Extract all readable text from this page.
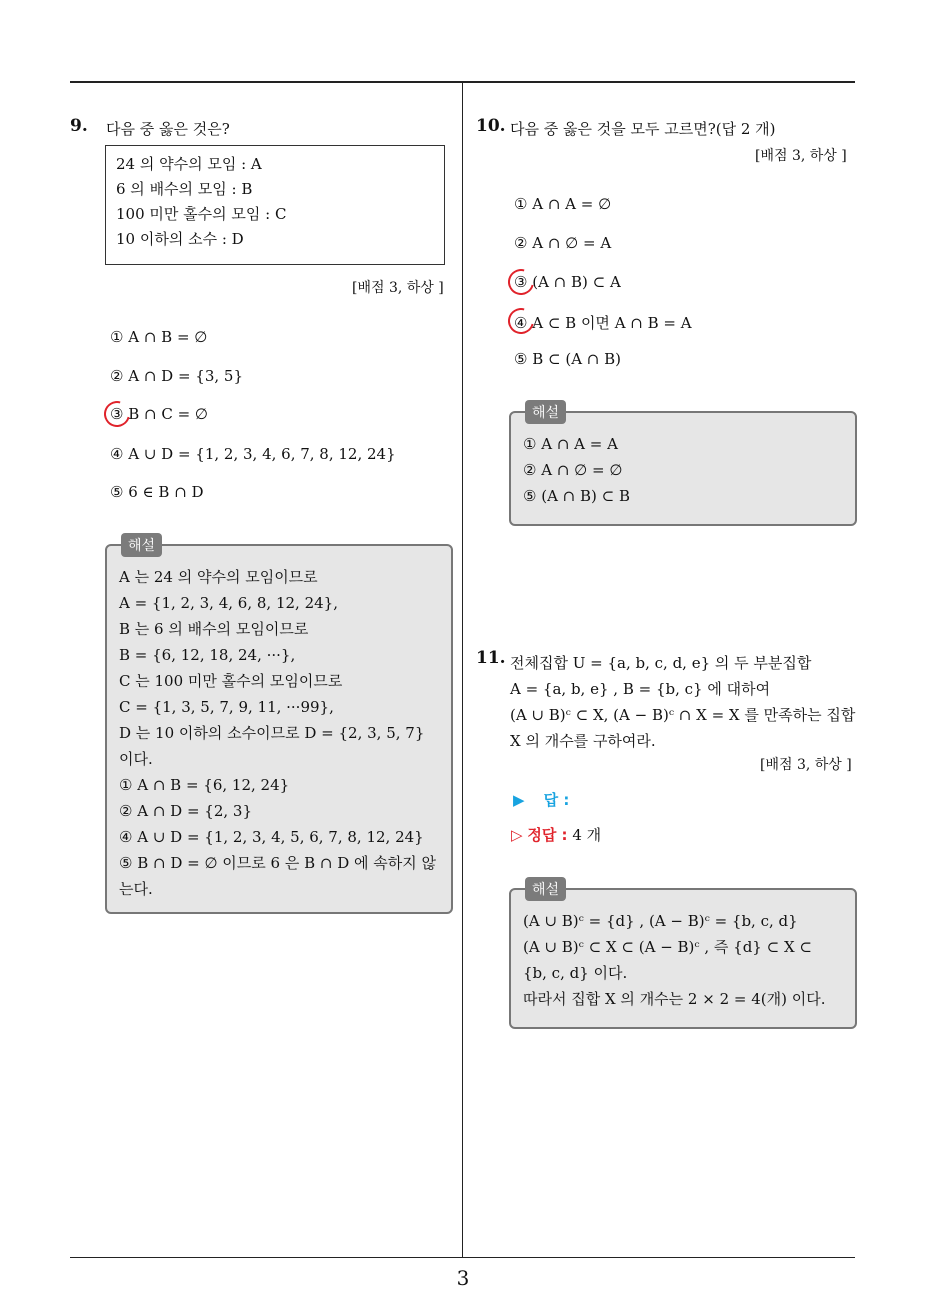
9. 다음 중 옳은 것은?
24 의 약수의 모임 : A
6 의 배수의 모임 : B
100 미만 홀수의 모임 : C
10 이하의 소수 : D
[배점 3, 하상 ]
① A ∩ B = ∅
② A ∩ D = {3, 5}
③ B ∩ C = ∅
④ A ∪ D = {1, 2, 3, 4, 6, 7, 8, 12, 24}
⑤ 6 ∈ B ∩ D
해설
A 는 24 의 약수의 모임이므로
A = {1, 2, 3, 4, 6, 8, 12, 24},
B 는 6 의 배수의 모임이므로
B = {6, 12, 18, 24, ···},
C 는 100 미만 홀수의 모임이므로
C = {1, 3, 5, 7, 9, 11, ···99},
D 는 10 이하의 소수이므로 D = {2, 3, 5, 7}
이다.
① A ∩ B = {6, 12, 24}
② A ∩ D = {2, 3}
④ A ∪ D = {1, 2, 3, 4, 5, 6, 7, 8, 12, 24}
⑤ B ∩ D = ∅ 이므로 6 은 B ∩ D 에 속하지 않
는다.
10. 다음 중 옳은 것을 모두 고르면?(답 2 개)
[배점 3, 하상 ]
① A ∩ A = ∅
② A ∩ ∅ = A
③ (A ∩ B) ⊂ A
④ A ⊂ B 이면 A ∩ B = A
⑤ B ⊂ (A ∩ B)
해설
① A ∩ A = A
② A ∩ ∅ = ∅
⑤ (A ∩ B) ⊂ B
11. 전체집합 U = {a, b, c, d, e} 의 두 부분집합
A = {a, b, e} , B = {b, c} 에 대하여
(A ∪ B)ᶜ ⊂ X, (A − B)ᶜ ∩ X = X 를 만족하는 집합
X 의 개수를 구하여라.
[배점 3, 하상 ]
▶ 답 :
▷ 정답 : 4 개
해설
(A ∪ B)ᶜ = {d} , (A − B)ᶜ = {b, c, d}
(A ∪ B)ᶜ ⊂ X ⊂ (A − B)ᶜ , 즉 {d} ⊂ X ⊂
{b, c, d} 이다.
따라서 집합 X 의 개수는 2 × 2 = 4(개) 이다.
3
